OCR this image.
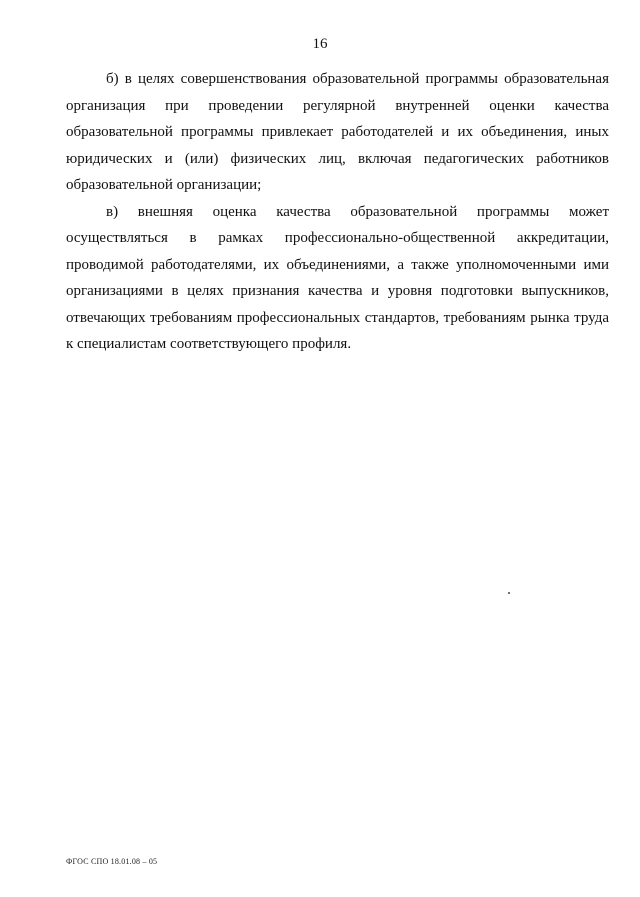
16

б) в целях совершенствования образовательной программы образовательная организация при проведении регулярной внутренней оценки качества образовательной программы привлекает работодателей и их объединения, иных юридических и (или) физических лиц, включая педагогических работников образовательной организации;

в) внешняя оценка качества образовательной программы может осуществляться в рамках профессионально-общественной аккредитации, проводимой работодателями, их объединениями, а также уполномоченными ими организациями в целях признания качества и уровня подготовки выпускников, отвечающих требованиям профессиональных стандартов, требованиям рынка труда к специалистам соответствующего профиля.

ФГОС СПО 18.01.08 – 05
